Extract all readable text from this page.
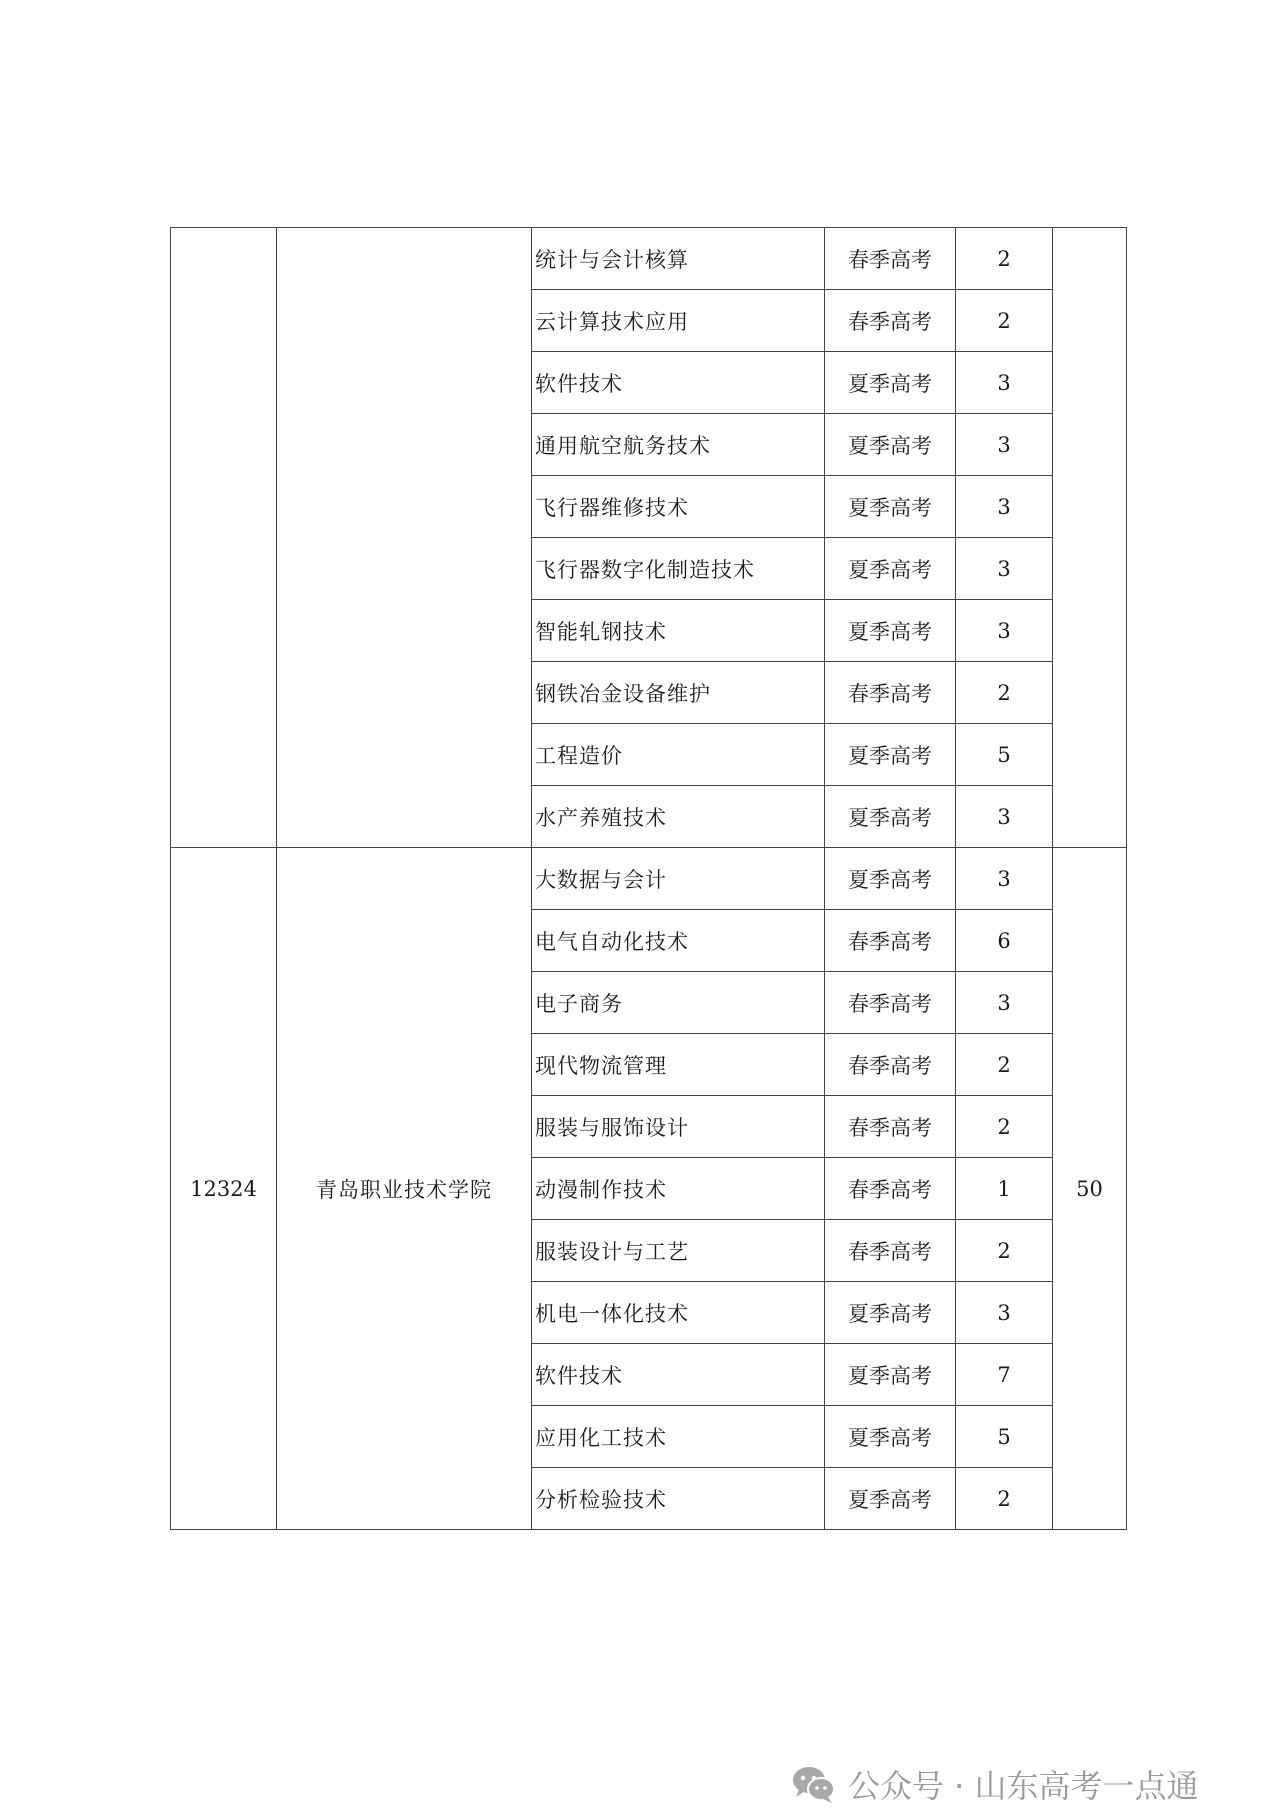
		统计与会计核算	春季高考	2	
		云计算技术应用	春季高考	2	
		软件技术	夏季高考	3	
		通用航空航务技术	夏季高考	3	
		飞行器维修技术	夏季高考	3	
		飞行器数字化制造技术	夏季高考	3	
		智能轧钢技术	夏季高考	3	
		钢铁冶金设备维护	春季高考	2	
		工程造价	夏季高考	5	
		水产养殖技术	夏季高考	3	
12324	青岛职业技术学院	大数据与会计	夏季高考	3	50
		电气自动化技术	春季高考	6	
		电子商务	春季高考	3	
		现代物流管理	春季高考	2	
		服装与服饰设计	春季高考	2	
		动漫制作技术	春季高考	1	
		服装设计与工艺	春季高考	2	
		机电一体化技术	夏季高考	3	
		软件技术	夏季高考	7	
		应用化工技术	夏季高考	5	
		分析检验技术	夏季高考	2	
公众号 · 山东高考一点通
